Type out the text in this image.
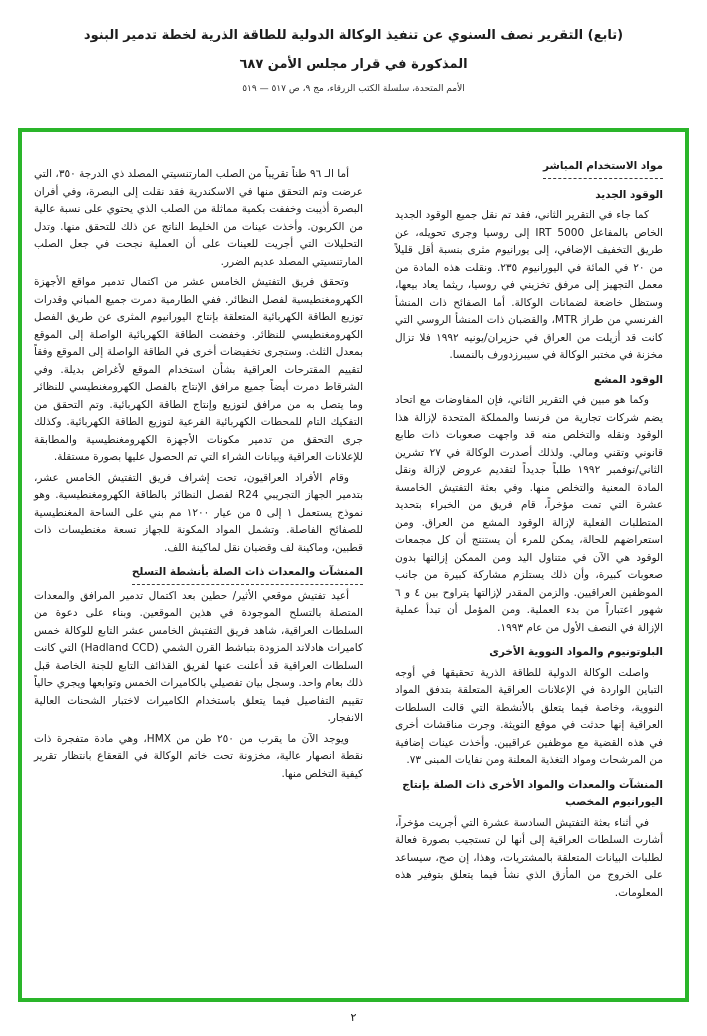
(تابع) التقرير نصف السنوي عن تنفيذ الوكالة الدولية للطاقة الذرية لخطة تدمير البنود
المذكورة في قرار مجلس الأمن ٦٨٧
الأمم المتحدة، سلسلة الكتب الزرقاء، مج ٩، ص ٥١٧ — ٥١٩
مواد الاستخدام المباشر
الوقود الجديد

كما جاء في التقرير الثاني، فقد تم نقل جميع الوقود الجديد الخاص بالمفاعل IRT 5000 إلى روسيا وجرى تحويله، عن طريق التخفيف الإضافي، إلى يورانيوم مثرى بنسبة أقل قليلاً من ٢٠ في المائة في اليورانيوم ٢٣٥. ونقلت هذه المادة من معمل التجهيز إلى مرفق تخزيني في روسيا، ريثما يعاد بيعها، وستظل خاضعة لضمانات الوكالة. أما الصفائح ذات المنشأ الفرنسي من طراز MTR، والقضبان ذات المنشأ الروسي التي كانت قد أزيلت من العراق في حزيران/يونيه ١٩٩٢ فلا تزال مخزنة في مختبر الوكالة في سيبرزدورف بالنمسا.

الوقود المشع

وكما هو مبين في التقرير الثاني، فإن المفاوضات مع اتحاد يضم شركات تجارية من فرنسا والمملكة المتحدة لإزالة هذا الوقود ونقله والتخلص منه قد واجهت صعوبات ذات طابع قانوني وتقني ومالي. ولذلك أصدرت الوكالة في ٢٧ تشرين الثاني/نوفمبر ١٩٩٢ طلباً جديداً لتقديم عروض لإزالة ونقل المادة المعنية والتخلص منها. وفي بعثة التفتيش الخامسة عشرة التي تمت مؤخراً، قام فريق من الخبراء بتحديد المتطلبات الفعلية لإزالة الوقود المشع من العراق. ومن استعراضهم للحالة، يمكن للمرء أن يستنتج أن كل مجمعات الوقود هي الآن في متناول اليد ومن الممكن إزالتها بدون صعوبات كبيرة، وأن ذلك يستلزم مشاركة كبيرة من جانب الموظفين العراقيين. والزمن المقدر لإزالتها يتراوح بين ٤ و ٦ شهور اعتباراً من بدء العملية. ومن المؤمل أن تبدأ عملية الإزالة في النصف الأول من عام ١٩٩٣.

البلوتونيوم والمواد النووية الأخرى

واصلت الوكالة الدولية للطاقة الذرية تحقيقها في أوجه التباين الواردة في الإعلانات العراقية المتعلقة بتدفق المواد النووية، وخاصة فيما يتعلق بالأنشطة التي قالت السلطات العراقية إنها حدثت في موقع التويثة. وجرت مناقشات أخرى في هذه القضية مع موظفين عراقيين. وأخذت عينات إضافية من المرشحات ومواد التغذية المعلنة ومن نفايات المبنى ٧٣.

المنشآت والمعدات والمواد الأخرى ذات الصلة بإنتاج اليورانيوم المخصب

في أثناء بعثة التفتيش السادسة عشرة التي أجريت مؤخراً، أشارت السلطات العراقية إلى أنها لن تستجيب بصورة فعالة لطلبات البيانات المتعلقة بالمشتريات، وهذا، إن صح، سيساعد على الخروج من المأزق الذي نشأ فيما يتعلق بتوفير هذه المعلومات.

أما الـ ٩٦ طناً تقريباً من الصلب المارتنسيتي المصلد ذي الدرجة ٣٥٠، التي عرضت وتم التحقق منها في الاسكندرية فقد نقلت إلى البصرة، وفي أفران البصرة أذيبت وخففت بكمية مماثلة من الصلب الذي يحتوي على نسبة عالية من الكربون. وأخذت عينات من الخليط الناتج عن ذلك للتحقق منها. وتدل التحليلات التي أجريت للعينات على أن العملية نجحت في جعل الصلب المارتنسيتي المصلد عديم الضرر.

وتحقق فريق التفتيش الخامس عشر من اكتمال تدمير مواقع الأجهزة الكهرومغنطيسية لفصل النظائر. ففي الطارمية دمرت جميع المباني وقدرات توزيع الطاقة الكهربائية المتعلقة بإنتاج اليورانيوم المثرى عن طريق الفصل الكهرومغنطيسي للنظائر. وخفضت الطاقة الكهربائية الواصلة إلى الموقع بمعدل الثلث. وستجرى تخفيضات أخرى في الطاقة الواصلة إلى الموقع وفقاً لتقييم المقترحات العراقية بشأن استخدام الموقع لأغراض بديلة. وفي الشرقاط دمرت أيضاً جميع مرافق الإنتاج بالفصل الكهرومغنطيسي للنظائر وما يتصل به من مرافق لتوزيع وإنتاج الطاقة الكهربائية. وتم التحقق من التفكيك التام للمحطات الكهربائية الفرعية لتوزيع الطاقة الكهربائية. وكذلك جرى التحقق من تدمير مكونات الأجهزة الكهرومغنطيسية والمطابقة للإعلانات العراقية وبيانات الشراء التي تم الحصول عليها بصورة مستقلة.

وقام الأفراد العراقيون، تحت إشراف فريق التفتيش الخامس عشر، بتدمير الجهاز التجريبي R24 لفصل النظائر بالطاقة الكهرومغنطيسية. وهو نموذج يستعمل ١ إلى ٥ من عيار ١٢٠٠ مم بني على الساحة المغنطيسية للصفائح الفاصلة. وتشمل المواد المكونة للجهاز تسعة مغنطيسات ذات قطبين، وماكينة لف وقضبان نقل لماكينة اللف.

المنشآت والمعدات ذات الصلة بأنشطة التسلح

أعيد تفتيش موقعي الأثير/ حطين بعد اكتمال تدمير المرافق والمعدات المتصلة بالتسلح الموجودة في هذين الموقعين. وبناء على دعوة من السلطات العراقية، شاهد فريق التفتيش الخامس عشر التابع للوكالة خمس كاميرات هادلاند المزودة بتباشط القرن الشمي (Hadland CCD) التي كانت السلطات العراقية قد أعلنت عنها لفريق القذائف التابع للجنة الخاصة قبل ذلك بعام واحد. وسجل بيان تفصيلي بالكاميرات الخمس وتوابعها ويجري حالياً تقييم التفاصيل فيما يتعلق باستخدام الكاميرات لاختبار الشحنات العالية الانفجار.

ويوجد الآن ما يقرب من ٢٥٠ طن من HMX، وهي مادة متفجرة ذات نقطة انصهار عالية، مخزونة تحت خاتم الوكالة في القعقاع بانتظار تقرير كيفية التخلص منها.

٢
